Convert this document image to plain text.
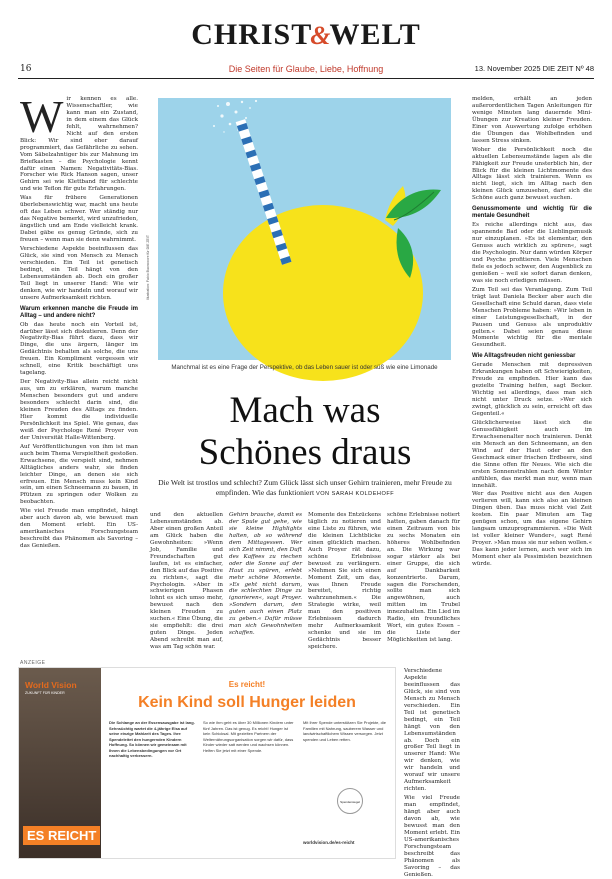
CHRIST&WELT
16	Die Seiten für Glaube, Liebe, Hoffnung	13. November 2025 DIE ZEIT Nº 48
W ir kennen es alle. Wissenschaftler, wie kann man ein Zustand, in dem einem das Glück fehlt, wahrnehmen? Nicht auf den ersten Blick: Wir sind eher darauf programmiert, das Gefährliche zu sehen. Vom Säbelzahntiger bis zur Mahnung im Briefkasten – die Psychologie kennt dafür einen Namen: Negativitäts-Bias. Forscher wie Rick Hanson sagen, unser Gehirn sei wie Klettband für schlechte und wie Teflon für gute Erfahrungen.

Was für frühere Generationen überlebenswichtig war, macht uns heute oft das Leben schwer. Wer ständig nur das Negative bemerkt, wird unzufrieden, ängstlich und am Ende vielleicht krank. Dabei gäbe es genug Gründe, sich zu freuen – wenn man sie denn wahrnimmt.

Verschiedene Aspekte beeinflussen das Glück, sie sind von Mensch zu Mensch verschieden. Ein Teil ist genetisch bedingt, ein Teil hängt von den Lebensumständen ab. Doch ein großer Teil liegt in unserer Hand: Wie wir denken, wie wir handeln und worauf wir unsere Aufmerksamkeit richten.

Warum erkennen manche die Freude im Alltag – und andere nicht?

Ob das heute noch ein Vorteil ist, darüber lässt sich diskutieren. Denn der Negativity-Bias führt dazu, dass wir Dinge, die uns ärgern, länger im Gedächtnis behalten als solche, die uns freuen. Ein Kompliment vergessen wir schnell, eine Kritik beschäftigt uns tagelang.

Der Negativity-Bias allein reicht nicht aus, um zu erklären, warum manche Menschen besonders gut und andere besonders schlecht darin sind, die kleinen Freuden des Alltags zu finden. Hier kommt die individuelle Persönlichkeit ins Spiel. Wie genau, das weiß der Psychologe René Proyer von der Universität Halle-Wittenberg.

Auf Veröffentlichungen von ihm ist man auch beim Thema Verspieltheit gestoßen. Erwachsene, die verspielt sind, nehmen Alltägliches anders wahr, sie finden leichter Dinge, an denen sie sich erfreuen. Ein Mensch muss kein Kind sein, um einen Schneemann zu bauen, in Pfützen zu springen oder Wolken zu beobachten.

Wie viel Freude man empfindet, hängt aber auch davon ab, wie bewusst man den Moment erlebt. Ein US-amerikanisches Forschungsteam beschreibt das Phänomen als Savoring – das Genießen.

Illustration: Fabio Buonocore für DIE ZEIT
Manchmal ist es eine Frage der Perspektive, ob das Leben sauer ist oder süß wie eine Limonade
Mach was
Schönes draus
Die Welt ist trostlos und schlecht? Zum Glück lässt sich unser Gehirn trainieren, mehr Freude zu empfinden. Wie das funktioniert VON SARAH KOLDEHOFF

und den aktuellen Lebensumständen ab. Aber einen großen Anteil am Glück haben die Gewohnheiten: »Wenn Job, Familie und Freundschaften gut laufen, ist es einfacher, den Blick auf das Positive zu richten«, sagt die Psychologin. »Aber in schwierigen Phasen lohnt es sich umso mehr, bewusst nach den kleinen Freuden zu suchen.« Eine Übung, die sie empfiehlt: die drei guten Dinge. Jeden Abend schreibt man auf, was am Tag schön war.

Gehirn brauche, damit es der Spule gut gehe, wie sie kleine Highlights halten, ab so während dem Mittagessen. Wer sich Zeit nimmt, den Duft des Kaffees zu riechen oder die Sonne auf der Haut zu spüren, erlebt mehr schöne Momente. »Es geht nicht darum, die schlechten Dinge zu ignorieren«, sagt Proyer. »Sondern darum, den guten auch einen Platz zu geben.« Dafür müsse man sich Gewohnheiten schaffen.

Momente des Entzückens täglich zu notieren und eine Liste zu führen, wie die kleinen Lichtblicke einen glücklich machen. Auch Proyer rät dazu, schöne Erlebnisse bewusst zu verlängern. »Nehmen Sie sich einen Moment Zeit, um das, was Ihnen Freude bereitet, richtig wahrzunehmen.« Die Strategie wirke, weil man den positiven Erlebnissen dadurch mehr Aufmerksamkeit schenke und sie im Gedächtnis besser speichere.

schöne Erlebnisse notiert hatten, gaben danach für einen Zeitraum von bis zu sechs Monaten ein höheres Wohlbefinden an. Die Wirkung war sogar stärker als bei einer Gruppe, die sich auf Dankbarkeit konzentrierte. Darum, sagen die Forschenden, sollte man sich angewöhnen, auch mitten im Trubel innezuhalten. Ein Lied im Radio, ein freundliches Wort, ein gutes Essen – die Liste der Möglichkeiten ist lang.

Verschiedene Aspekte beeinflussen das Glück, sie sind von Mensch zu Mensch verschieden. Ein Teil ist genetisch bedingt, ein Teil hängt von den Lebensumständen ab. Doch ein großer Teil liegt in unserer Hand: Wie wir denken, wie wir handeln und worauf wir unsere Aufmerksamkeit richten.

Wie viel Freude man empfindet, hängt aber auch davon ab, wie bewusst man den Moment erlebt. Ein US-amerikanisches Forschungsteam beschreibt das Phänomen als Savoring – das Genießen.

melden, erhält an jeden außerordentlichen Tagen Anleitungen für wenige Minuten lang dauernde Mini-Übungen zur Kreation kleiner Freuden. Einer von Auswertung zufolge erhöhen die Übungen das Wohlbefinden und lassen Stress sinken.

Woher die Persönlichkeit noch die aktuellen Lebensumstände lagen als die Fähigkeit zur Freude unsterblich hin, der Blick für die kleinen Lichtmomente des Alltags lässt sich trainieren. Wenn es nicht liegt, sich im Alltag nach den kleinen Glück umzusehen, darf sich die Schöne auch ganz bewusst suchen.

Genussmomente und wichtig für die mentale Gesundheit

Es reiche allerdings nicht aus, das spannende Bad oder die Lieblingsmusik nur einzuplanen. »Es ist elementar, den Genuss auch wirklich zu spüren«, sagt die Psychologin. Nur dann würden Körper und Psyche profitieren. Viele Menschen fiele es jedoch schwer, den Augenblick zu genießen – weil sie sofort daran denken, was sie noch erledigen müssen.

Zum Teil sei das Veranlagung. Zum Teil trägt laut Daniela Becker aber auch die Gesellschaft eine Schuld daran, dass viele Menschen Probleme haben: »Wir leben in einer Leistungsgesellschaft, in der Pausen und Genuss als unproduktiv gelten.« Dabei seien genau diese Momente wichtig für die mentale Gesundheit.

Wie Alltagsfreuden nicht geniessbar

Gerade Menschen mit depressiven Erkrankungen haben oft Schwierigkeiten, Freude zu empfinden. Hier kann das gezielte Training helfen, sagt Becker. Wichtig sei allerdings, dass man sich nicht unter Druck setze. »Wer sich zwingt, glücklich zu sein, erreicht oft das Gegenteil.«

Glücklicherweise lässt sich die Genussfähigkeit auch im Erwachsenenalter noch trainieren. Denkt ein Mensch an den Schneemann, an den Wind auf der Haut oder an den Geschmack einer frischen Erdbeere, sind die Sinne offen für Neues. Wie sich die ersten Sonnenstrahlen nach dem Winter anfühlen, das merkt man nur, wenn man innehält.

Wer das Positive nicht aus den Augen verlieren will, kann sich also an kleinen Dingen üben. Das muss nicht viel Zeit kosten. Ein paar Minuten am Tag genügen schon, um das eigene Gehirn langsam umzuprogrammieren. »Die Welt ist voller kleiner Wunder«, sagt René Proyer. »Man muss sie nur sehen wollen.« Das kann jeder lernen, auch wer sich im Moment eher als Pessimisten bezeichnen würde.

ANZEIGE
World Vision
ZUKUNFT FÜR KINDER
ES REICHT
Es reicht!
Kein Kind soll Hunger leiden
Die Schlange an der Essensausgabe ist lang. Sehnsüchtig wartet die 4-jährige Elsa auf seine einzige Mahlzeit des Tages. Ihre Spendeleitet den hungernden Kindern Hoffnung. So können wir gemeinsam mit Ihnen die Lebensbedingungen vor Ort nachhaltig verbessern.
So wie ihm geht es über 30 Millionen Kindern unter fünf Jahren. Das ist genug. Es reicht! Hunger ist kein Schicksal. Mit gezielten Partnern der Welternährungsorganisation sorgen wir dafür, dass Kinder wieder satt werden und wachsen können. Helfen Sie jetzt mit einer Spende.
Mit Ihrer Spende unterstützen Sie Projekte, die Familien mit Nahrung, sauberem Wasser und landwirtschaftlichem Wissen versorgen. Jetzt spenden und Leben retten.
Spendensiegel
worldvision.de/es-reicht
